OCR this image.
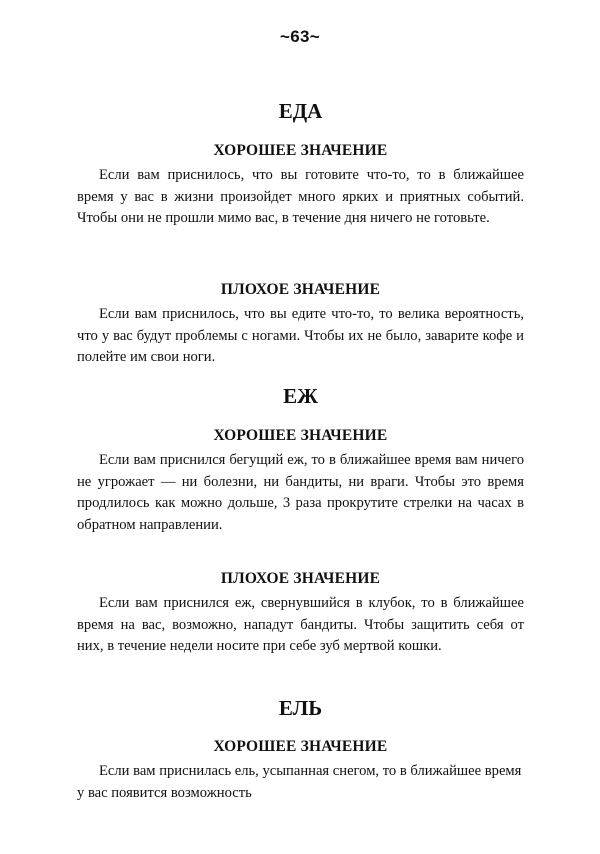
~63~
ЕДА
ХОРОШЕЕ ЗНАЧЕНИЕ

Если вам приснилось, что вы готовите что-то, то в ближайшее время у вас в жизни произойдет много ярких и приятных событий. Чтобы они не прошли мимо вас, в течение дня ничего не готовьте.

ПЛОХОЕ ЗНАЧЕНИЕ

Если вам приснилось, что вы едите что-то, то велика вероятность, что у вас будут проблемы с ногами. Чтобы их не было, заварите кофе и полейте им свои ноги.

ЕЖ
ХОРОШЕЕ ЗНАЧЕНИЕ

Если вам приснился бегущий еж, то в ближайшее время вам ничего не угрожает — ни болезни, ни бандиты, ни враги. Чтобы это время продлилось как можно дольше, 3 раза прокрутите стрелки на часах в обратном направлении.

ПЛОХОЕ ЗНАЧЕНИЕ

Если вам приснился еж, свернувшийся в клубок, то в ближайшее время на вас, возможно, нападут бандиты. Чтобы защитить себя от них, в течение недели носите при себе зуб мертвой кошки.

ЕЛЬ
ХОРОШЕЕ ЗНАЧЕНИЕ

Если вам приснилась ель, усыпанная снегом, то в ближайшее время у вас появится возможность
